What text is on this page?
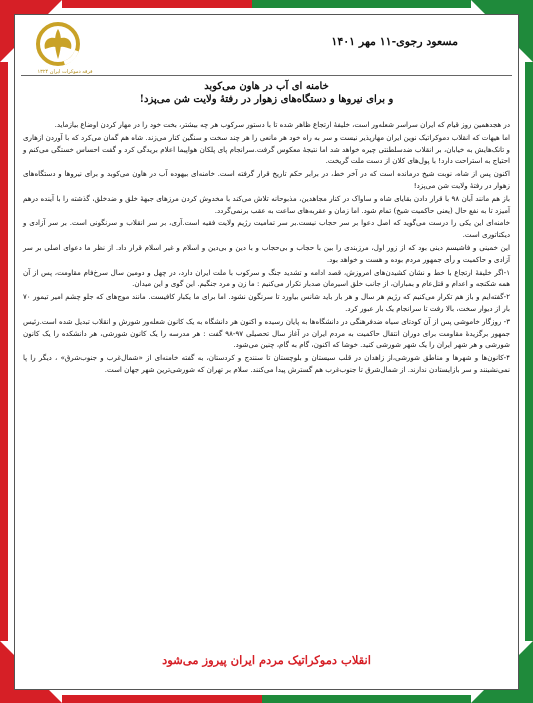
فرقه دموکرات ایران ۱۳۲۴
مسعود رجوی-۱۱ مهر ۱۴۰۱
خامنه ای آب در هاون می‌کوبد
و برای نیروها و دستگاه‌های زهوار در رفتهٔ ولایت شن می‌پزد!

در هجدهمین روز قیام که ایران سراسر شعله‌ور است، خلیفهٔ ارتجاع ظاهر شده تا با دستور سرکوب هر چه بیشتر، بخت خود را در مهار کردن اوضاع بیازماید.

اما هیهات که انقلاب دموکراتیک نوین ایران مهارپذیر نیست و سر به راه خود هر مانعی را هر چند سخت و سنگین کنار می‌زند. شاه هم گمان می‌کرد که با آوردن ازهاری و تانک‌هایش به خیابان، بر انقلاب ضدسلطنتی چیره خواهد شد اما نتیجهٔ معکوس گرفت.سرانجام پای پلکان هواپیما اعلام بریدگی کرد و گفت احساس خستگی می‌کنم و احتیاج به استراحت دارد! با پول‌های کلان از دست ملت گریخت.

اکنون پس از شاه، نوبت شیخ درمانده است که در آخر خط، در برابر حکم تاریخ قرار گرفته است. خامنه‌ای بیهوده آب در هاون می‌کوبد و برای نیروها و دستگاه‌های زهوار در رفتهٔ ولایت شن می‌پزد!

باز هم مانند آبان ۹۸ با قرار دادن بقایای شاه و ساواک در کنار مجاهدین، مذبوحانه تلاش می‌کند با مخدوش کردن مرزهای جبههٔ خلق و ضدخلق، گذشته را با آینده درهم آمیزد تا به نفع حال (یعنی حاکمیت شیخ) تمام شود. اما زمان و عقربه‌های ساعت به عقب برنمی‌گردد.

خامنه‌ای این یکی را درست می‌گوید که اصل دعوا بر سر حجاب نیست.بر سر تمامیت رژیم ولایت فقیه است.آری، بر سر انقلاب و سرنگونی است. بر سر آزادی و دیکتاتوری است.

این خمینی و فاشیسم دینی بود که از زور اول، مرزبندی را بین با حجاب و بی‌حجاب و با دین و بی‌دین و اسلام و غیر اسلام قرار داد. از نظر ما دعوای اصلی بر سر آزادی و حاکمیت و رأی جمهور مردم بوده و هست و خواهد بود.

۱-اگر خلیفهٔ ارتجاع با خط و نشان کشیدن‌های امروزش، قصد ادامه و تشدید جنگ و سرکوب با ملت ایران دارد، در چهل و دومین سال سرخ‌فام مقاومت، پس از آن همه شکنجه و اعدام و قتل‌عام و بمباران، از جانب خلق اسیرمان صدبار تکرار می‌کنیم : ما زن و مرد جنگیم. این گوی و این میدان.

۲-گفته‌ایم و باز هم تکرار می‌کنیم که رژیم هر سال و هر بار باید شانس بیاورد تا سرنگون نشود. اما برای ما یکبار کافیست. مانند موج‌های که جلو چشم امیر تیمور ۷۰ بار از دیوار سخت، بالا رفت تا سرانجام یک بار عبور کرد.

۳- روزگار خاموشی پس از آن کودتای سیاه ضدفرهنگی در دانشگاه‌ها به پایان رسیده و اکنون هر دانشگاه به یک کانون شعله‌ور شورش و انقلاب تبدیل شده است.رئیس جمهور برگزیدهٔ مقاومت برای دوران انتقال حاکمیت به مردم ایران در آغاز سال تحصیلی ۹۷-۹۸ گفت : هر مدرسه را یک کانون شورشی، هر دانشکده را یک کانون شورشی و هر شهر ایران را یک شهر شورشی کنید. خوشا که اکنون، گام به گام، چنین می‌شود.

۴-کانون‌ها و شهرها و مناطق شورشی،از زاهدان در قلب سیستان و بلوچستان تا سنندج و کردستان، به گفته خامنه‌ای از «شمال‌غرب و جنوب‌شرق» ، دیگر را پا نمی‌نشینند و سر بازایستادن ندارند. از شمال‌شرق تا جنوب‌غرب هم گسترش پیدا می‌کنند. سلام بر تهران که شورشی‌ترین شهر جهان است.

انقلاب دموکراتیک مردم ایران پیروز می‌شود
